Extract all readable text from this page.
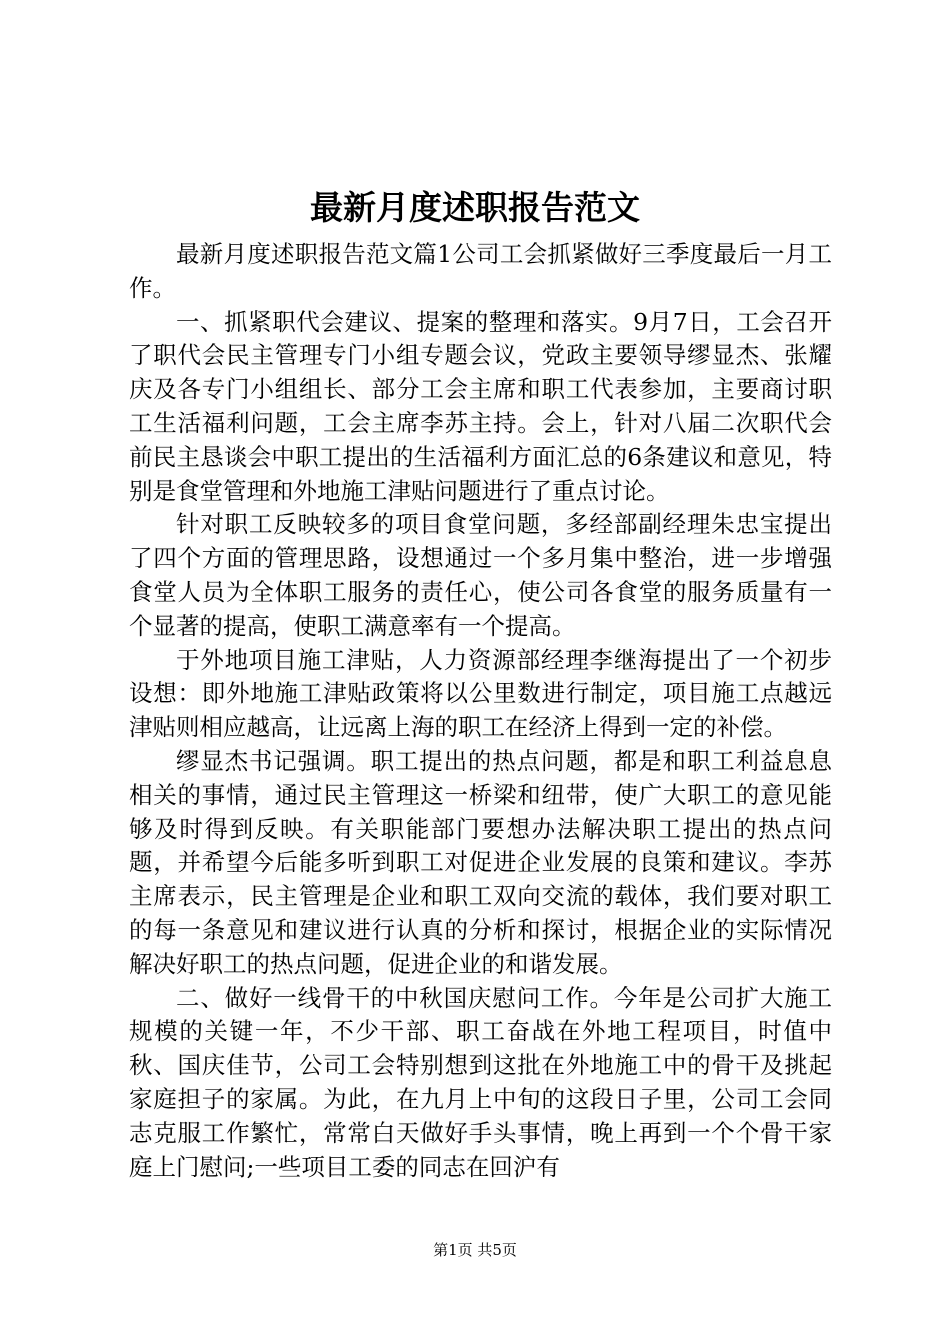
最新月度述职报告范文

最新月度述职报告范文篇1公司工会抓紧做好三季度最后一月工作。

一、抓紧职代会建议、提案的整理和落实。9月7日，工会召开了职代会民主管理专门小组专题会议，党政主要领导缪显杰、张耀庆及各专门小组组长、部分工会主席和职工代表参加，主要商讨职工生活福利问题，工会主席李苏主持。会上，针对八届二次职代会前民主恳谈会中职工提出的生活福利方面汇总的6条建议和意见，特别是食堂管理和外地施工津贴问题进行了重点讨论。

针对职工反映较多的项目食堂问题，多经部副经理朱忠宝提出了四个方面的管理思路，设想通过一个多月集中整治，进一步增强食堂人员为全体职工服务的责任心，使公司各食堂的服务质量有一个显著的提高，使职工满意率有一个提高。

于外地项目施工津贴，人力资源部经理李继海提出了一个初步设想：即外地施工津贴政策将以公里数进行制定，项目施工点越远津贴则相应越高，让远离上海的职工在经济上得到一定的补偿。

缪显杰书记强调。职工提出的热点问题，都是和职工利益息息相关的事情，通过民主管理这一桥梁和纽带，使广大职工的意见能够及时得到反映。有关职能部门要想办法解决职工提出的热点问题，并希望今后能多听到职工对促进企业发展的良策和建议。李苏主席表示，民主管理是企业和职工双向交流的载体，我们要对职工的每一条意见和建议进行认真的分析和探讨，根据企业的实际情况解决好职工的热点问题，促进企业的和谐发展。

二、做好一线骨干的中秋国庆慰问工作。今年是公司扩大施工规模的关键一年，不少干部、职工奋战在外地工程项目，时值中秋、国庆佳节，公司工会特别想到这批在外地施工中的骨干及挑起家庭担子的家属。为此，在九月上中旬的这段日子里，公司工会同志克服工作繁忙，常常白天做好手头事情，晚上再到一个个骨干家庭上门慰问;一些项目工委的同志在回沪有

第1页 共5页
